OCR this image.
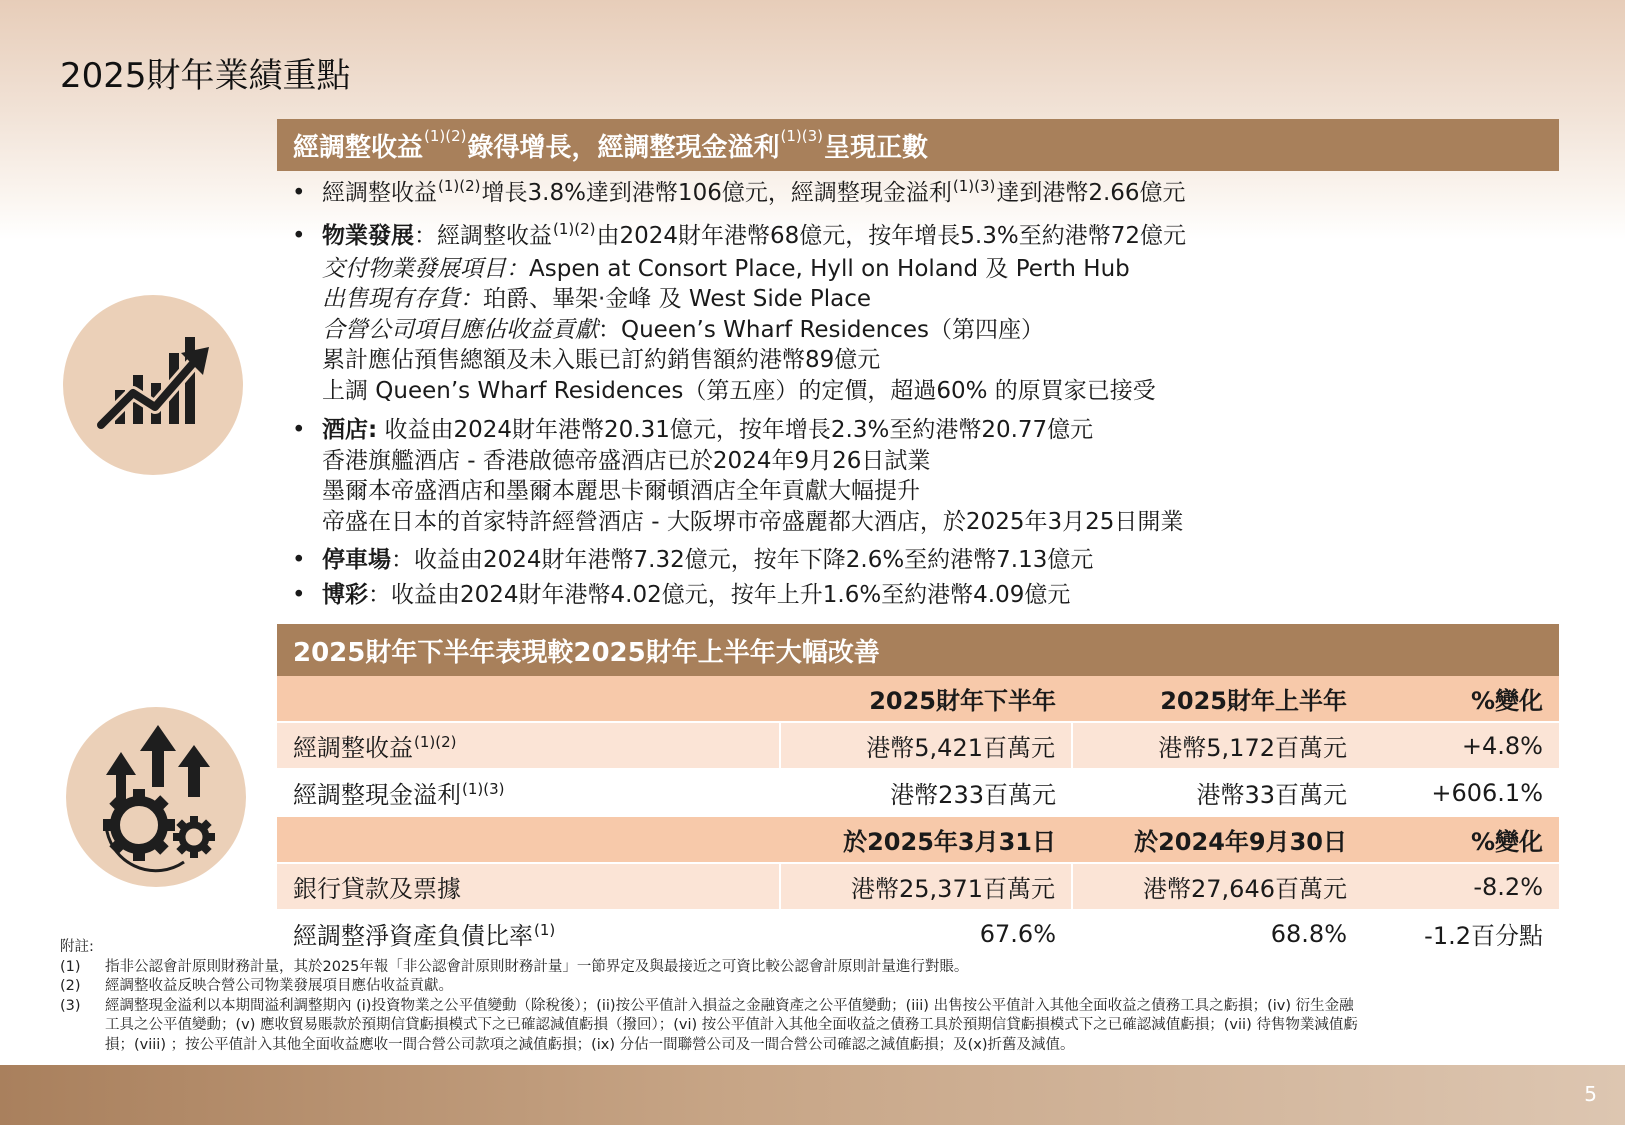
2025財年業績重點
經調整收益 (1)(2) 錄得增長，經調整現金溢利 (1)(3) 呈現正數
• 經調整收益$^{(1)(2)}$增長3.8%達到港幣106億元，經調整現金溢利$^{(1)(3)}$達到港幣2.66億元
• 物業發展：經調整收益$^{(1)(2)}$由2024財年港幣68億元，按年增長5.3%至約港幣72億元
交付物業發展項目：Aspen at Consort Place, Hyll on Holand 及 Perth Hub
出售現有存貨：珀爵、畢架·金峰 及 West Side Place
合營公司項目應佔收益貢獻：Queen’s Wharf Residences（第四座）
累計應佔預售總額及未入賬已訂約銷售額約港幣89億元
上調 Queen’s Wharf Residences（第五座）的定價，超過60% 的原買家已接受
• 酒店: 收益由2024財年港幣20.31億元，按年增長2.3%至約港幣20.77億元
香港旗艦酒店 - 香港啟德帝盛酒店已於2024年9月26日試業
墨爾本帝盛酒店和墨爾本麗思卡爾頓酒店全年貢獻大幅提升
帝盛在日本的首家特許經營酒店 - 大阪堺市帝盛麗都大酒店，於2025年3月25日開業
• 停車場：收益由2024財年港幣7.32億元，按年下降2.6%至約港幣7.13億元
• 博彩：收益由2024財年港幣4.02億元，按年上升1.6%至約港幣4.09億元
2025財年下半年表現較2025財年上半年大幅改善
	2025財年下半年	2025財年上半年	%變化
經調整收益$^{(1)(2)}$	港幣5,421百萬元	港幣5,172百萬元	+4.8%
經調整現金溢利$^{(1)(3)}$	港幣233百萬元	港幣33百萬元	+606.1%
	於2025年3月31日	於2024年9月30日	%變化
銀行貸款及票據	港幣25,371百萬元	港幣27,646百萬元	-8.2%
經調整淨資產負債比率$^{(1)}$	67.6%	68.8%	-1.2百分點
附註:
(1)	指非公認會計原則財務計量，其於2025年報「非公認會計原則財務計量」一節界定及與最接近之可資比較公認會計原則計量進行對賬。
(2)	經調整收益反映合營公司物業發展項目應佔收益貢獻。
(3)	經調整現金溢利以本期間溢利調整期內 (i)投資物業之公平值變動（除稅後）；(ii)按公平值計入損益之金融資產之公平值變動；(iii) 出售按公平值計入其他全面收益之債務工具之虧損；(iv) 衍生金融
工具之公平值變動；(v) 應收貿易賬款於預期信貸虧損模式下之已確認減值虧損（撥回）；(vi) 按公平值計入其他全面收益之債務工具於預期信貸虧損模式下之已確認減值虧損；(vii) 待售物業減值虧
損；(viii) ；按公平值計入其他全面收益應收一間合營公司款項之減值虧損；(ix) 分佔一間聯營公司及一間合營公司確認之減值虧損；及(x)折舊及減值。
5
